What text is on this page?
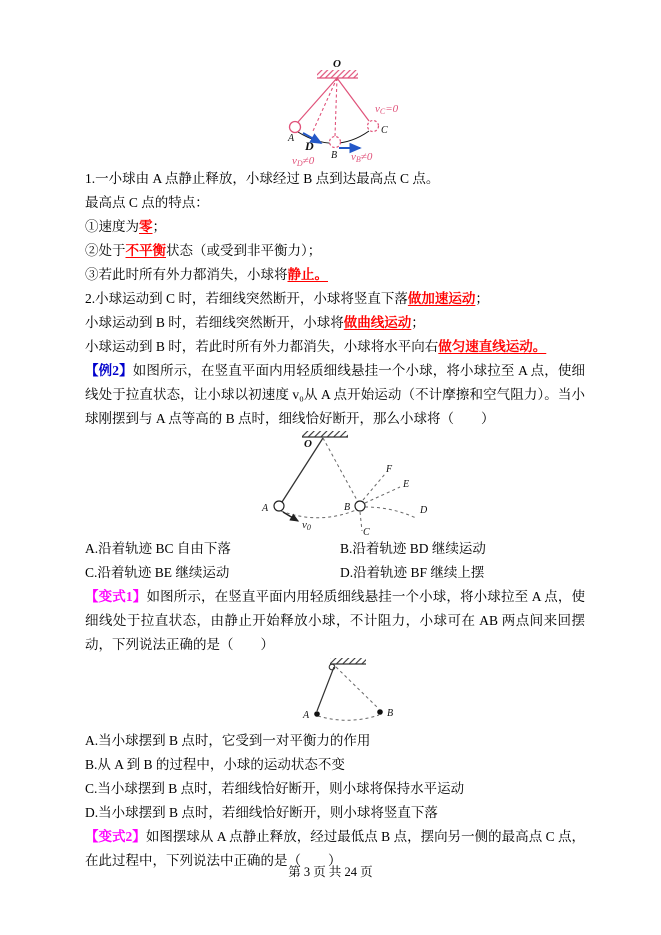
O
A
D
B
C
vC=0
vD≠0	vB≠0

1.一小球由 A 点静止释放，小球经过 B 点到达最高点 C 点。

最高点 C 点的特点：

①速度为零；

②处于不平衡状态（或受到非平衡力）；

③若此时所有外力都消失，小球将静止。

2.小球运动到 C 时，若细线突然断开，小球将竖直下落做加速运动；

小球运动到 B 时，若细线突然断开，小球将做曲线运动；

小球运动到 B 时，若此时所有外力都消失，小球将水平向右做匀速直线运动。

【例2】如图所示，在竖直平面内用轻质细线悬挂一个小球，将小球拉至 A 点，使细线处于拉直状态，让小球以初速度 v₀从 A 点开始运动（不计摩擦和空气阻力）。当小球刚摆到与 A 点等高的 B 点时，细线恰好断开，那么小球将（　　）

O
A	B
C
D
E
F
v0

A.沿着轨迹 BC 自由下落	B.沿着轨迹 BD 继续运动

C.沿着轨迹 BE 继续运动	D.沿着轨迹 BF 继续上摆

【变式1】如图所示，在竖直平面内用轻质细线悬挂一个小球，将小球拉至 A 点，使细线处于拉直状态，由静止开始释放小球，不计阻力，小球可在 AB 两点间来回摆动，下列说法正确的是（　　）

A	B

A.当小球摆到 B 点时，它受到一对平衡力的作用

B.从 A 到 B 的过程中，小球的运动状态不变

C.当小球摆到 B 点时，若细线恰好断开，则小球将保持水平运动

D.当小球摆到 B 点时，若细线恰好断开，则小球将竖直下落

【变式2】如图摆球从 A 点静止释放，经过最低点 B 点，摆向另一侧的最高点 C 点，在此过程中，下列说法中正确的是（　　）

第 3 页 共 24 页
